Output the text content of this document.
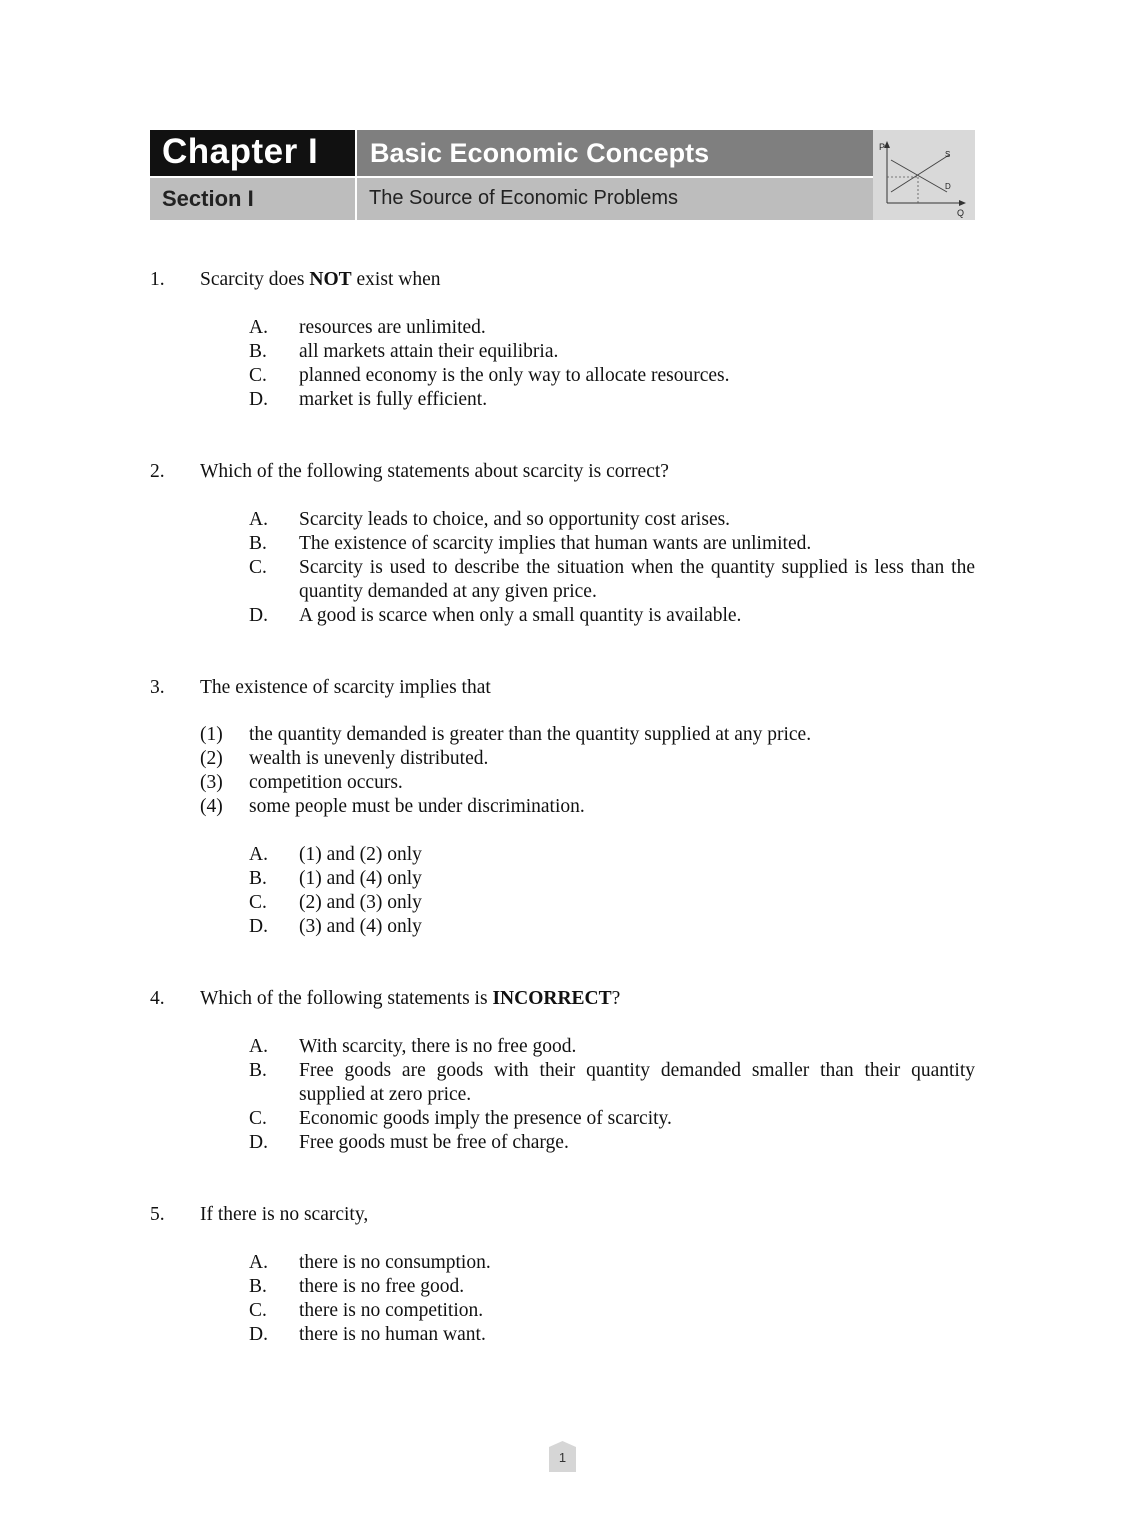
Chapter I Basic Economic Concepts
Section I	The Source of Economic Problems
P
S
D
Q
1. Scarcity does NOT exist when
A. resources are unlimited.
B. all markets attain their equilibria.
C. planned economy is the only way to allocate resources.
D. market is fully efficient.
2. Which of the following statements about scarcity is correct?
A. Scarcity leads to choice, and so opportunity cost arises.
B. The existence of scarcity implies that human wants are unlimited.
C. Scarcity is used to describe the situation when the quantity supplied is less than the quantity demanded at any given price.
D. A good is scarce when only a small quantity is available.
3. The existence of scarcity implies that
(1) the quantity demanded is greater than the quantity supplied at any price.
(2) wealth is unevenly distributed.
(3) competition occurs.
(4) some people must be under discrimination.
A. (1) and (2) only
B. (1) and (4) only
C. (2) and (3) only
D. (3) and (4) only
4. Which of the following statements is INCORRECT?
A. With scarcity, there is no free good.
B. Free goods are goods with their quantity demanded smaller than their quantity supplied at zero price.
C. Economic goods imply the presence of scarcity.
D. Free goods must be free of charge.
5. If there is no scarcity,
A. there is no consumption.
B. there is no free good.
C. there is no competition.
D. there is no human want.
1
